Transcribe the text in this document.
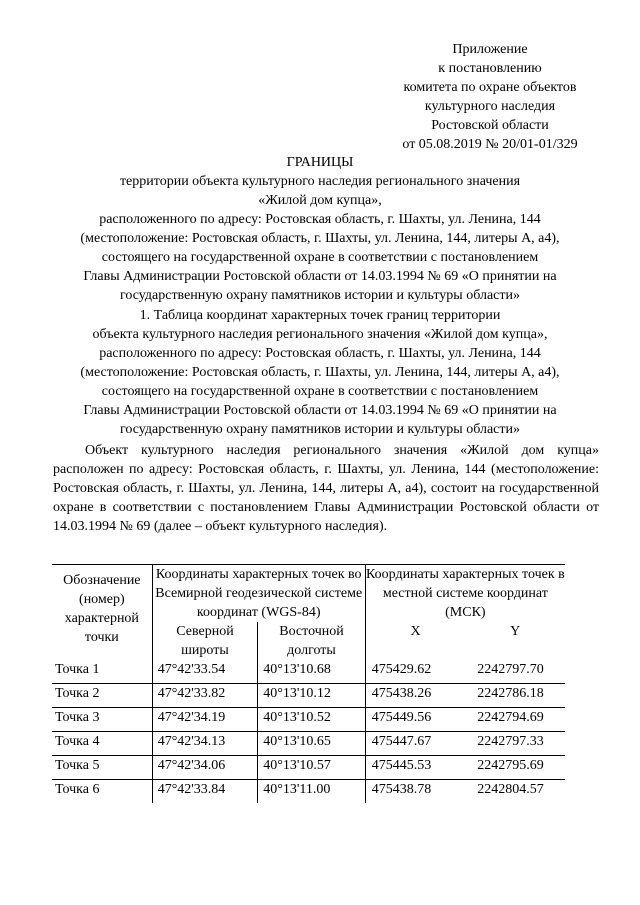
Приложение
к постановлению
комитета по охране объектов
культурного наследия
Ростовской области
от 05.08.2019 № 20/01-01/329
ГРАНИЦЫ
территории объекта культурного наследия регионального значения
«Жилой дом купца»,
расположенного по адресу: Ростовская область, г. Шахты, ул. Ленина, 144
(местоположение: Ростовская область, г. Шахты, ул. Ленина, 144, литеры А, а4),
состоящего на государственной охране в соответствии с постановлением
Главы Администрации Ростовской области от 14.03.1994 № 69 «О принятии на
государственную охрану памятников истории и культуры области»
1. Таблица координат характерных точек границ территории
объекта культурного наследия регионального значения «Жилой дом купца»,
расположенного по адресу: Ростовская область, г. Шахты, ул. Ленина, 144
(местоположение: Ростовская область, г. Шахты, ул. Ленина, 144, литеры А, а4),
состоящего на государственной охране в соответствии с постановлением
Главы Администрации Ростовской области от 14.03.1994 № 69 «О принятии на
государственную охрану памятников истории и культуры области»
Объект культурного наследия регионального значения «Жилой дом купца» расположен по адресу: Ростовская область, г. Шахты, ул. Ленина, 144 (местоположение: Ростовская область, г. Шахты, ул. Ленина, 144, литеры А, а4), состоит на государственной охране в соответствии с постановлением Главы Администрации Ростовской области от 14.03.1994 № 69 (далее – объект культурного наследия).
Обозначение (номер) характерной точки	Координаты характерных точек во Всемирной геодезической системе координат (WGS-84)		Координаты характерных точек в местной системе координат (МСК)	
	Северной широты	Восточной долготы	X	Y
Точка 1	47°42'33.54	40°13'10.68	475429.62	2242797.70
Точка 2	47°42'33.82	40°13'10.12	475438.26	2242786.18
Точка 3	47°42'34.19	40°13'10.52	475449.56	2242794.69
Точка 4	47°42'34.13	40°13'10.65	475447.67	2242797.33
Точка 5	47°42'34.06	40°13'10.57	475445.53	2242795.69
Точка 6	47°42'33.84	40°13'11.00	475438.78	2242804.57
